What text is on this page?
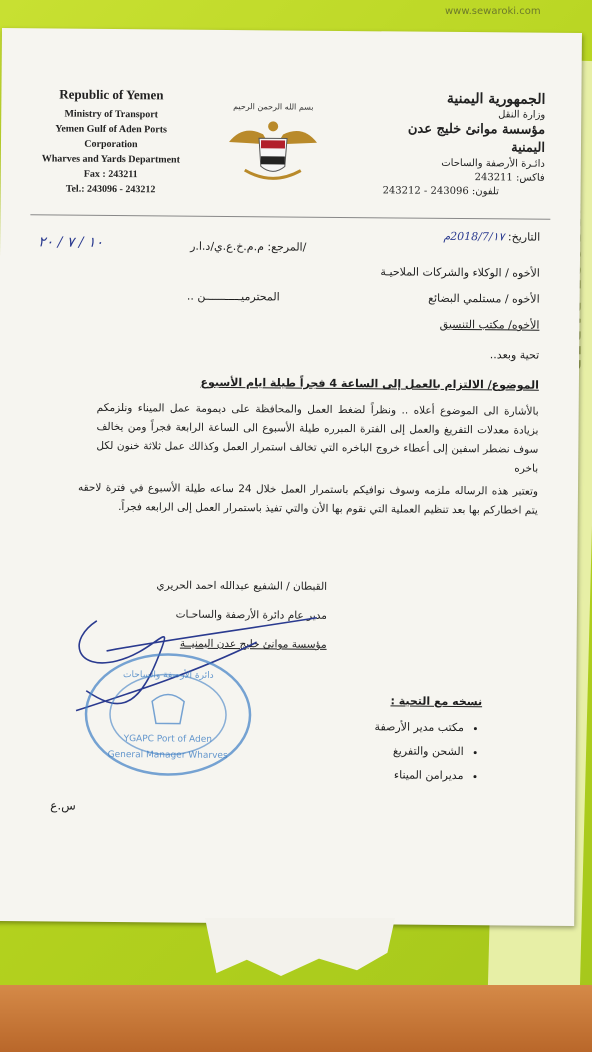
www.sewaroki.com
Republic of Yemen
Ministry of Transport
Yemen Gulf of Aden Ports Corporation
Wharves and Yards Department
Fax : 243211
Tel.: 243096 - 243212
بسم الله الرحمن الرحيم	الجمهورية اليمنية
وزارة النقل
مؤسسة موانئ خليج عدن اليمنية
دائـرة الأرصفة والساحات
فاكس: 243211
تلفون: 243096 - 243212
التاريخ: 2018/7/١٧م
المرجع: م.م.خ.ع.ي/د.ا.ر/
١٠ / ٧ / ٢٠
الأخوه / الوكلاء والشركات الملاحيـة
الأخوه / مستلمي البضائع
الأخوه/ مكتب التنسيق
المحترميـــــــــــن ..
تحية وبعد..
الموضوع/ الالتزام بالعمل إلى الساعة 4 فجراً طيلة ايام الأسبوع
بالأشارة الى الموضوع أعلاه .. ونظراً لضغط العمل والمحافظة على ديمومة عمل الميناء ونلزمكم بزيادة معدلات التفريغ والعمل إلى الفترة المبرره طيلة الأسبوع الى الساعة الرابعة فجراً ومن يخالف سوف نضطر اسفين إلى أعطاء خروج الباخره التي تخالف استمرار العمل وكذالك عمل ثلاثة خنون لكل باخره
وتعتبر هذه الرساله ملزمه وسوف نوافيكم باستمرار العمل خلال 24 ساعه طيلة الأسبوع في فترة لاحقه يتم اخطاركم بها بعد تنظيم العملية التي نقوم بها الأن والتي تفيذ باستمرار العمل إلى الرابعه فجراً.
القبطان / الشفيع عبدالله احمد الحريري
مدير عام دائرة الأرصفة والساحـات
مؤسسة موانئ خليج عدن اليمنيــة
دائرة الأرصفة والساحات
YGAPC Port of Aden
General Manager Wharves
نسخه مع التحية :
• مكتب مدير الأرصفة
• الشحن والتفريغ
• مديرامن الميناء
س.ع
